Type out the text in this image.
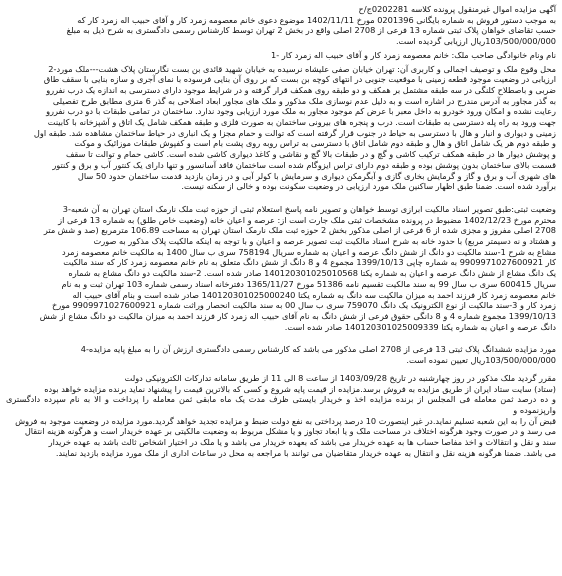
آگهی مزایده اموال غیرمنقول پرونده کلاسه 0202281ج/ح

به موجب دستور فروش به شماره بایگانی 0201396 مورخ 1402/11/11 موضوع دعوی خانم معصومه زمرد کار و آقای حبیب اله زمرد کار که
حسب تقاضای خواهان پلاک ثبتی شماره 13 فرعی از 2708 اصلی واقع در بخش 2 تهران توسط کارشناس رسمی دادگستری به شرح ذیل به مبلغ
103/500/000/000ریال ارزیابی گردیده است.

نام ونام خانوادگی صاحب ملک: خانم معصومه زمرد کار و آقای حبیب اله زمرد کار -1

محل وقوع ملک و توصیف اجمالی و کاربری آن: تهران خیابان صفی علیشاه نرسیده به خیابان شهید قائدی بن بست نگارستان پلاک هشت---ملک مورد-2
ارزیابی در وضعیت موجود قطعه زمینی با موقعیت جنوبی در انتهای کوچه بن بست که بر روی آن بنایی فرسوده با نمای آجری و سازه بنایی با سقف طاق
ضربی و باصطلاح کلنگی در سه طبقه مشتمل بر همکف و دو طبقه روی همکف قرار گرفته و در شرایط موجود دارای دسترسی به اندازه یک درب نفررو
به گذر مجاور به آدرس مندرج در اشاره است و به دلیل عدم نوسازی ملک مذکور و ملک های مجاور ابعاد اصلاحی به گذر 6 متری مطابق طرح تفصیلی
رعایت نشده و امکان ورود خودرو به داخل معبر با عرض کم موجود مجاور به ملک مورد ارزیابی وجود ندارد. ساختمان در تمامی طبقات با دو درب نفررو
جهت ورود به راه پله دسترسی به طبقات است. درب و پنجره های بیرونی ساختمان به صورت فلزی و طبقه همکف شامل یک اتاق و آشپزخانه با کابینت
زمینی و دیواری و انبار و هال با دسترسی به حیاط در جنوب قرار گرفته است که توالت و حمام مجزا و یک انباری در حیاط ساختمان مشاهده شد. طبقه اول
و طبقه دوم هر یک شامل اتاق و هال و طبقه دوم شامل اتاق با دسترسی به تراس روبه روی پشت بام است و کفپوش طبقات موزائیک و موکت
و پوشش دیوار ها در طبقه همکف ترکیب کاشی و گچ و در طبقات بالا گچ و نقاشی و کاغذ دیواری کاشی شده است. کاشی حمام و توالت تا سقف
قسمت بالای ساختمان بدون پوشش بوده و طبقه دوم دارای تراس ایزوگام شده است ساختمان فاقد آسانسور و تنها دارای یک کنتور آب و برق و کنتور
های شهری آب و برق و گاز و گرمایش بخاری گازی و آبگرمکن دیواری و سرمایش با کولر آبی و در زمان بازدید قدمت ساختمان حدود 50 سال
برآورد شده است. ضمنا طبق اظهار ساکنین ملک مورد ارزیابی در وضعیت سکونت بوده و خالی از سکنه نیست.

وضعیت ثبتی:طبق تصویر اسناد مالکیت ابرازی توسط خواهان و تصویر نامه پاسخ استعلام ثبتی از حوزه ثبت ملک نارمک استان تهران به آن شعبه-3
محترم مورخ 1402/12/23 مضبوط در پرونده مشخصات ثبتی ملک جارت است از: عرصه و اعیان خانه (وضعیت خاص طلق) به شماره 13 فرعی از
2708 اصلی مفروز و مجزی شده از 6 فرعی از اصلی مذکور بخش 2 حوزه ثبت ملک نارمک استان تهران به مساحت 106.89 مترمربع (صد و شش متر
و هشتاد و نه دسیمتر مربع) با حدود خانه به شرح اسناد مالکیت ثبت تصویر عرصه و اعیان و با توجه به اینکه مالکیت پلاک مذکور به صورت
مشاع به شرح 1-سند مالکیت دو دانگ از شش دانگ عرصه و اعیان به شماره سریال 758194 سری ب سال 1400 به مالکیت خانم معصومه زمرد
کار 9909971027600921 به شماره چاپی 1399/10/13 مجموع 4 و 8 دانگ از شش دانگ متعلق به نام خانم معصومه زمرد کار که سند مالکیت
یک دانگ مشاع از شش دانگ عرصه و اعیان به شماره یکتا 140120301025010568 صادر شده است. 2-سند مالکیت دو دانگ مشاع به شماره
سریال 600415 سری ب سال 99 به سند مالکیت تقسیم نامه 51386 مورخ 1365/11/27 دفترخانه اسناد رسمی شماره 103 تهران ثبت و به نام
خانم معصومه زمرد کار فرزند احمد به میزان مالکیت سه دانگ به شماره یکتا 140120301025000240 صادر شده است و بنام آقای حبیب اله
زمرد کار و 3-سند مالکیت از نوع الکترونیک یک دانگ 759070 سری ب سال 00 به سند مالکیت انحصار وراثت شماره 9909971027600921 مورخ
1399/10/13 مجموع شماره 4 و 8 دانگی حقوق فرعی از شش دانگ به نام آقای حبیب اله زمرد کار فرزند احمد به میزان مالکیت دو دانگ مشاع از شش
دانگ عرصه و اعیان به شماره یکتا 140120301025009339 صادر شده است.

مورد مزایده ششدانگ پلاک ثبتی 13 فرعی از 2708 اصلی مذکور می باشد که کارشناس رسمی دادگستری ارزش آن را به مبلغ پایه مزایده-4
103/500/000/000ریال تعیین نموده است.

مقرر گردید ملک مذکور در روز چهارشنبه در تاریخ 1403/09/28 از ساعت 8 الی 11 از طریق سامانه تدارکات الکترونیکی دولت
(ستاد) سایت ستاد ایران از طریق مزایده به فروش برسد.مزایده از قیمت پایه شروع و کسی که بالاترین قیمت را پیشنهاد نماید برنده مزایده خواهد بوده
و ده درصد ثمن معامله فی المجلس از برنده مزایده اخذ و خریدار بایستی ظرف مدت یک ماه مابقی ثمن معامله را پرداخت و الا به نام سپرده دادگستری وارپزنموده و
قبض آن را به این شعبه تسلیم نماید.در غیر اینصورت 10 درصد پرداختی به نفع دولت ضبط و مزایده تجدید خواهد گردید.مورد مزایده در وضعیت موجود به فروش
می رسد و در صورت وجود هرگونه اختلاف در مساحت ملک و یا ابعاد تجاوز و یا مشکل مربوط به وضعیت مالکیتی بر عهده خریدار است و هرگونه هزینه انتقال
سند و نقل و انتقالات و اخذ مفاصا حساب ها به عهده خریدار می باشد که بعهده خریدار می باشد و یا ملک در اختیار اشخاص ثالث باشد به عهده خریدار
می باشد. ضمنا هرگونه هزینه نقل و انتقال به عهده خریدار متقاضیان می توانند با مراجعه به محل در ساعات اداری از ملک مورد مزایده بازدید نمایند.
